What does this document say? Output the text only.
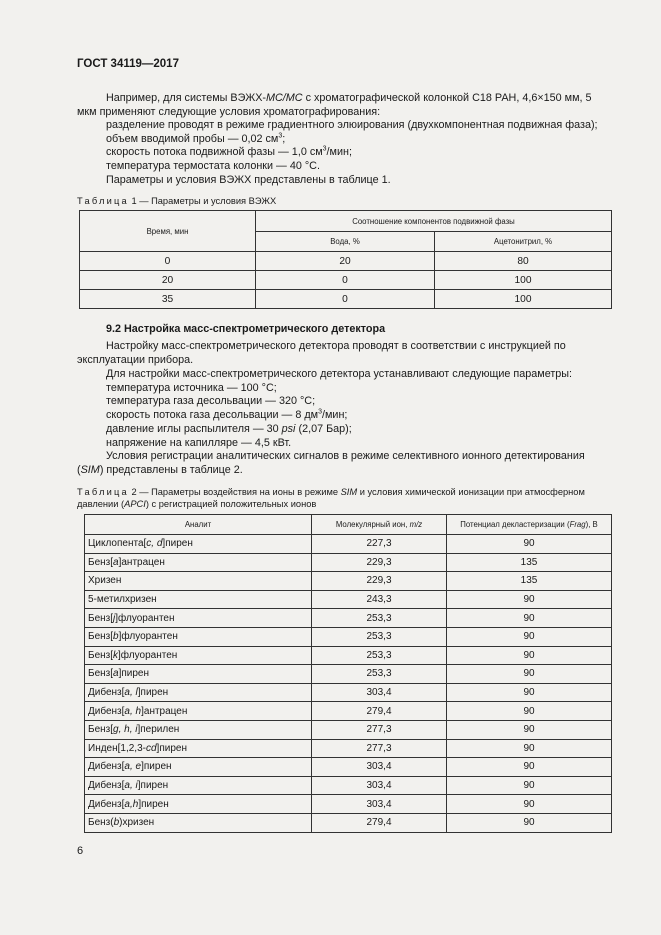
ГОСТ 34119—2017
Например, для системы ВЭЖХ-МС/МС с хроматографической колонкой С18 РАН, 4,6×150 мм, 5 мкм применяют следующие условия хроматографирования:
разделение проводят в режиме градиентного элюирования (двухкомпонентная подвижная фаза);
объем вводимой пробы — 0,02 $см^3$;
скорость потока подвижной фазы — 1,0 $см^3$/мин;
температура термостата колонки — 40 °С.
Параметры и условия ВЭЖХ представлены в таблице 1.
Таблица 1 — Параметры и условия ВЭЖХ
Время, мин	Соотношение компонентов подвижной фазы	
	Вода, %	Ацетонитрил, %
0	20	80
20	0	100
35	0	100
9.2 Настройка масс-спектрометрического детектора
Настройку масс-спектрометрического детектора проводят в соответствии с инструкцией по эксплуатации прибора.
Для настройки масс-спектрометрического детектора устанавливают следующие параметры:
температура источника — 100 °С;
температура газа десольвации — 320 °С;
скорость потока газа десольвации — 8 $дм^3$/мин;
давление иглы распылителя — 30 psi (2,07 Бар);
напряжение на капилляре — 4,5 кВт.
Условия регистрации аналитических сигналов в режиме селективного ионного детектирования (SIM) представлены в таблице 2.
Таблица 2 — Параметры воздействия на ионы в режиме SIM и условия химической ионизации при атмосферном давлении (APCI) с регистрацией положительных ионов
Аналит	Молекулярный ион, m/z	Потенциал декластеризации (Frag), В
Циклопента[c, d]пирен	227,3	90
Бенз[a]антрацен	229,3	135
Хризен	229,3	135
5-метилхризен	243,3	90
Бенз[j]флуорантен	253,3	90
Бенз[b]флуорантен	253,3	90
Бенз[k]флуорантен	253,3	90
Бенз[a]пирен	253,3	90
Дибенз[a, l]пирен	303,4	90
Дибенз[a, h]антрацен	279,4	90
Бенз[g, h, i]перилен	277,3	90
Инден[1,2,3-cd]пирен	277,3	90
Дибенз[a, e]пирен	303,4	90
Дибенз[a, i]пирен	303,4	90
Дибенз[a,h]пирен	303,4	90
Бенз(b)хризен	279,4	90
6
